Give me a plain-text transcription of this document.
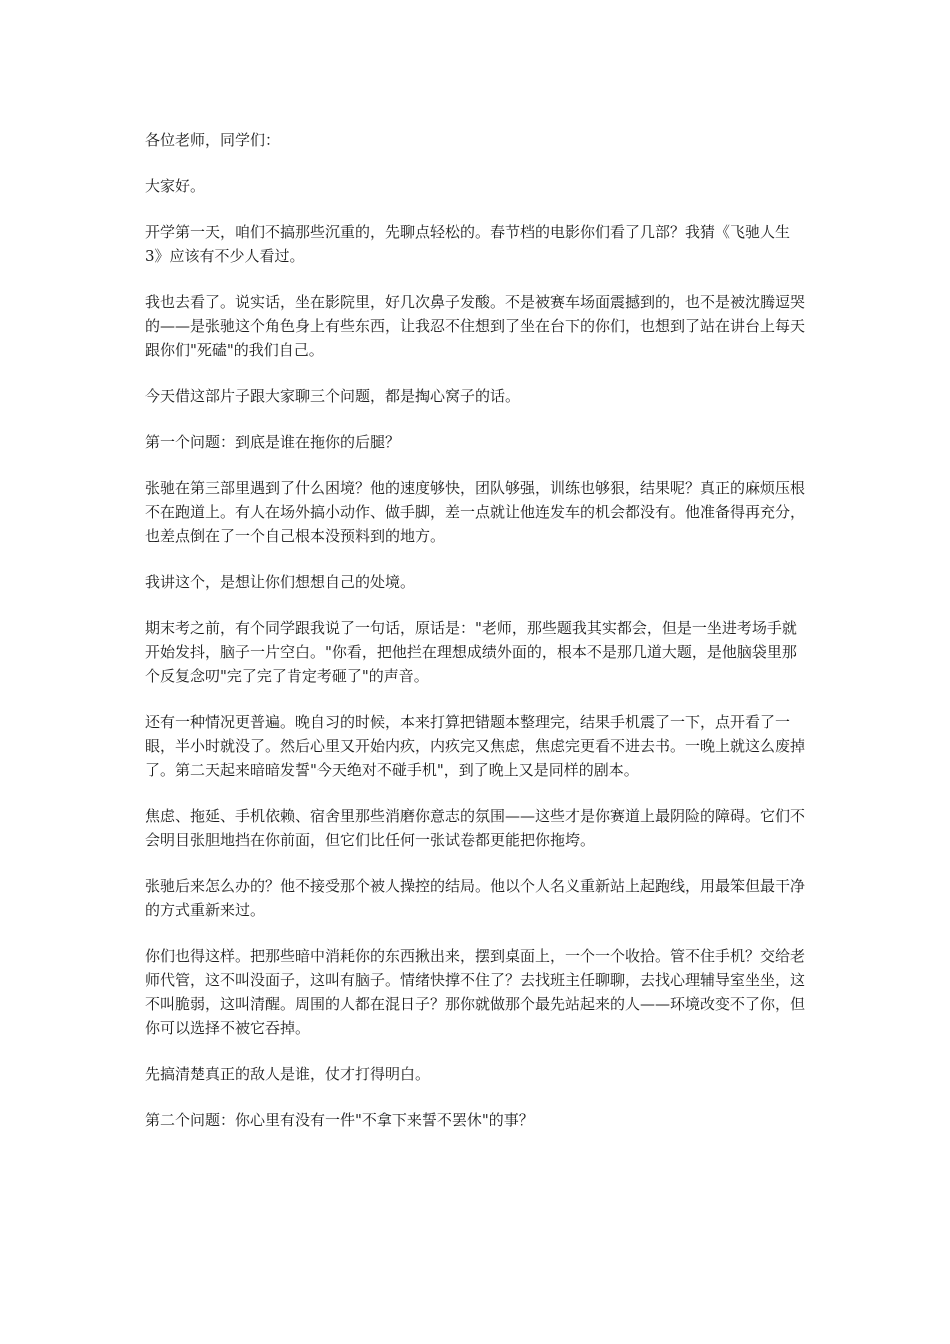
各位老师，同学们：

大家好。

开学第一天，咱们不搞那些沉重的，先聊点轻松的。春节档的电影你们看了几部？我猜《飞驰人生 3》应该有不少人看过。

我也去看了。说实话，坐在影院里，好几次鼻子发酸。不是被赛车场面震撼到的，也不是被沈腾逗哭的——是张驰这个角色身上有些东西，让我忍不住想到了坐在台下的你们，也想到了站在讲台上每天跟你们"死磕"的我们自己。

今天借这部片子跟大家聊三个问题，都是掏心窝子的话。

第一个问题：到底是谁在拖你的后腿？

张驰在第三部里遇到了什么困境？他的速度够快，团队够强，训练也够狠，结果呢？真正的麻烦压根不在跑道上。有人在场外搞小动作、做手脚，差一点就让他连发车的机会都没有。他准备得再充分，也差点倒在了一个自己根本没预料到的地方。

我讲这个，是想让你们想想自己的处境。

期末考之前，有个同学跟我说了一句话，原话是："老师，那些题我其实都会，但是一坐进考场手就开始发抖，脑子一片空白。"你看，把他拦在理想成绩外面的，根本不是那几道大题，是他脑袋里那个反复念叨"完了完了肯定考砸了"的声音。

还有一种情况更普遍。晚自习的时候，本来打算把错题本整理完，结果手机震了一下，点开看了一眼，半小时就没了。然后心里又开始内疚，内疚完又焦虑，焦虑完更看不进去书。一晚上就这么废掉了。第二天起来暗暗发誓"今天绝对不碰手机"，到了晚上又是同样的剧本。

焦虑、拖延、手机依赖、宿舍里那些消磨你意志的氛围——这些才是你赛道上最阴险的障碍。它们不会明目张胆地挡在你前面，但它们比任何一张试卷都更能把你拖垮。

张驰后来怎么办的？他不接受那个被人操控的结局。他以个人名义重新站上起跑线，用最笨但最干净的方式重新来过。

你们也得这样。把那些暗中消耗你的东西揪出来，摆到桌面上，一个一个收拾。管不住手机？交给老师代管，这不叫没面子，这叫有脑子。情绪快撑不住了？去找班主任聊聊，去找心理辅导室坐坐，这不叫脆弱，这叫清醒。周围的人都在混日子？那你就做那个最先站起来的人——环境改变不了你，但你可以选择不被它吞掉。

先搞清楚真正的敌人是谁，仗才打得明白。

第二个问题：你心里有没有一件"不拿下来誓不罢休"的事？
